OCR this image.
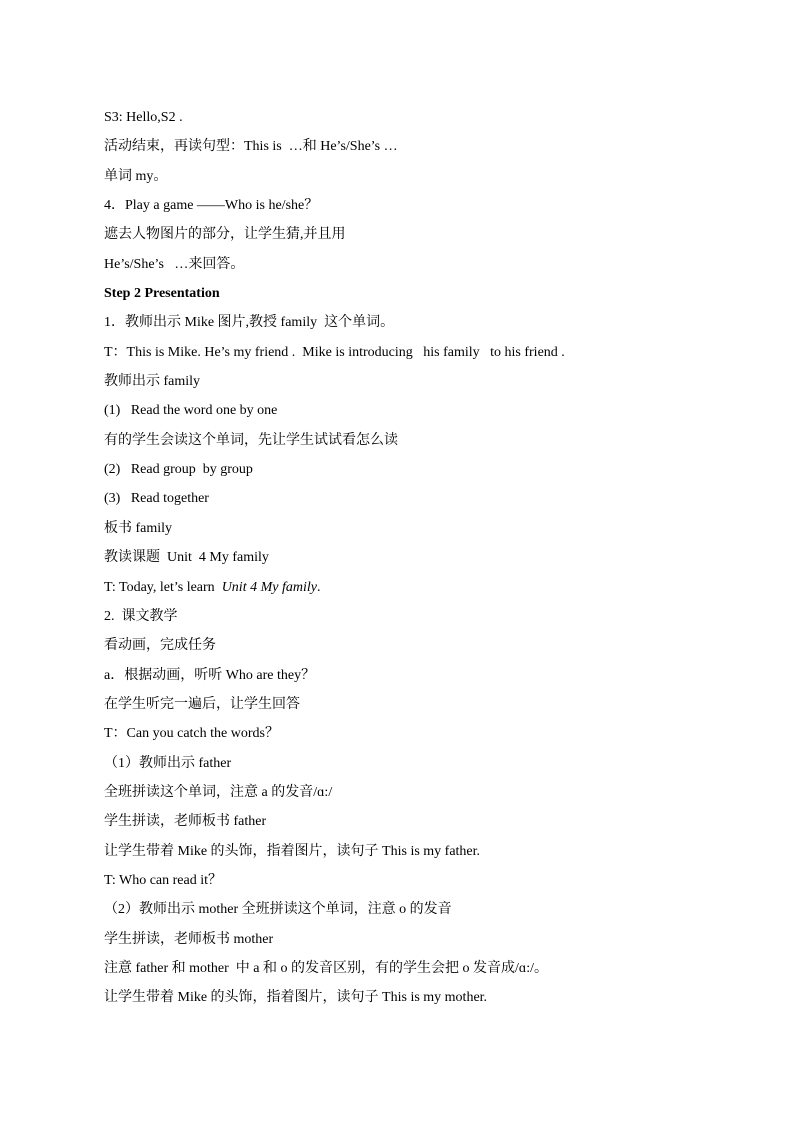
S3: Hello,S2 .
活动结束，再读句型：This is  …和 He’s/She’s …
单词 my。
4．Play a game ——Who is he/she？
遮去人物图片的部分，让学生猜,并且用
He’s/She’s   …来回答。
Step 2 Presentation
1．教师出示 Mike 图片,教授 family  这个单词。
T：This is Mike. He’s my friend .  Mike is introducing   his family   to his friend .
教师出示 family
(1)   Read the word one by one
有的学生会读这个单词，先让学生试试看怎么读
(2)   Read group  by group
(3)   Read together
板书 family
教读课题  Unit  4 My family
T: Today, let’s learn  Unit 4 My family.
2.  课文教学
看动画，完成任务
a．根据动画，听听 Who are they？
在学生听完一遍后，让学生回答
T：Can you catch the words？
（1）教师出示 father
全班拼读这个单词，注意 a 的发音/ɑ:/
学生拼读，老师板书 father
让学生带着 Mike 的头饰，指着图片，读句子 This is my father.
T: Who can read it？
（2）教师出示 mother 全班拼读这个单词，注意 o 的发音
学生拼读，老师板书 mother
注意 father 和 mother  中 a 和 o 的发音区别，有的学生会把 o 发音成/ɑ:/。
让学生带着 Mike 的头饰，指着图片，读句子 This is my mother.
